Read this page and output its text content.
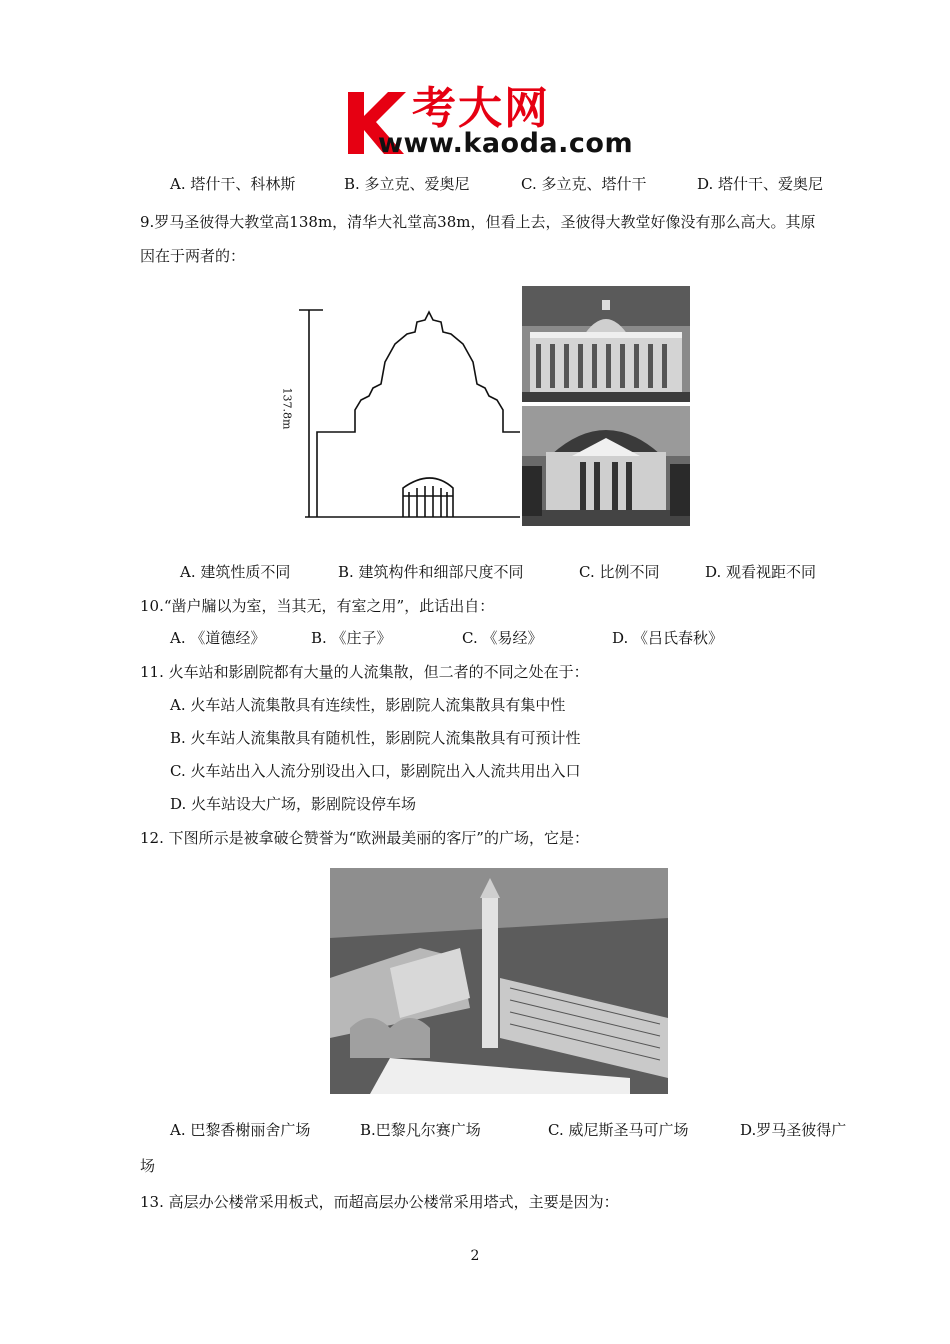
考大网
www.kaoda.com
A. 塔什干、科林斯	B. 多立克、爱奥尼	C. 多立克、塔什干	D. 塔什干、爱奥尼
9.罗马圣彼得大教堂高138m，清华大礼堂高38m，但看上去，圣彼得大教堂好像没有那么高大。其原
因在于两者的：
137.8m
A. 建筑性质不同	B. 建筑构件和细部尺度不同	C. 比例不同	D. 观看视距不同
10.“凿户牖以为室，当其无，有室之用”，此话出自：
A. 《道德经》	B. 《庄子》	C. 《易经》	D. 《吕氏春秋》
11. 火车站和影剧院都有大量的人流集散，但二者的不同之处在于：
A. 火车站人流集散具有连续性，影剧院人流集散具有集中性
B. 火车站人流集散具有随机性，影剧院人流集散具有可预计性
C. 火车站出入人流分别设出入口，影剧院出入人流共用出入口
D. 火车站设大广场，影剧院设停车场
12. 下图所示是被拿破仑赞誉为“欧洲最美丽的客厅”的广场，它是：
A. 巴黎香榭丽舍广场	B.巴黎凡尔赛广场	C. 威尼斯圣马可广场	D.罗马圣彼得广
场
13. 高层办公楼常采用板式，而超高层办公楼常采用塔式，主要是因为：
2
